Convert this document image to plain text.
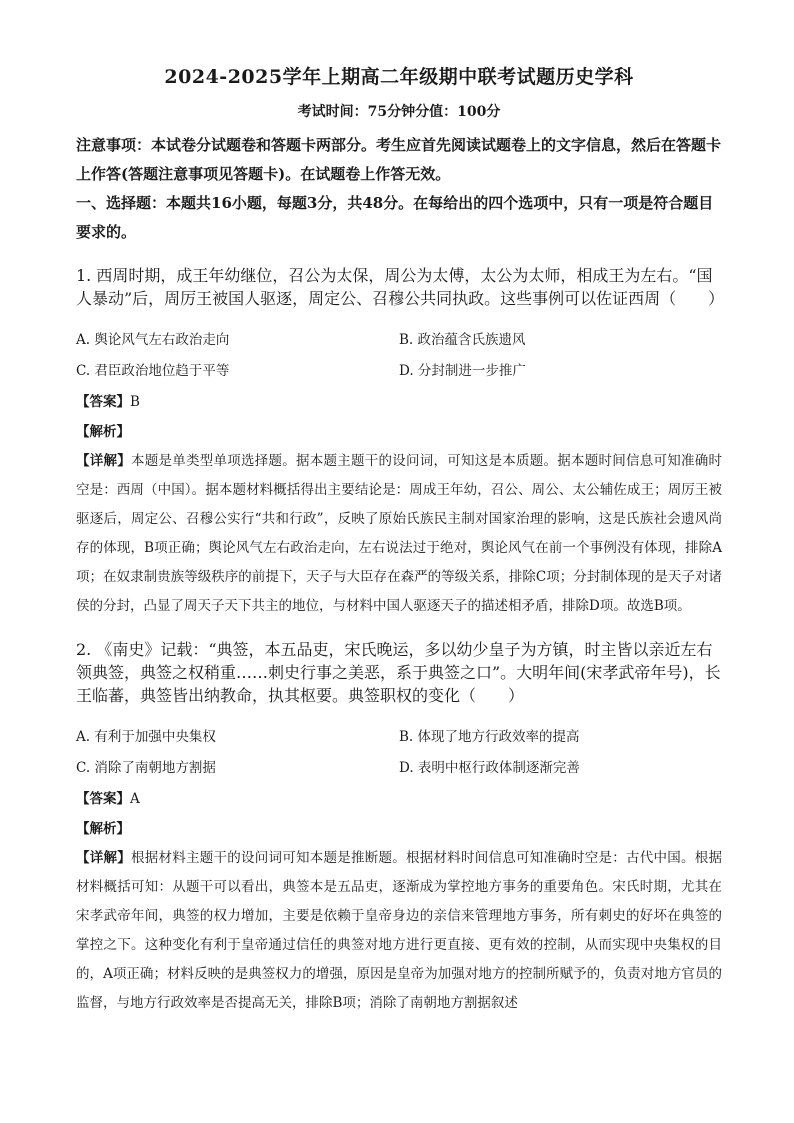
2024-2025学年上期高二年级期中联考试题历史学科
考试时间：75分钟分值：100分

注意事项：本试卷分试题卷和答题卡两部分。考生应首先阅读试题卷上的文字信息，然后在答题卡上作答(答题注意事项见答题卡)。在试题卷上作答无效。

一、选择题：本题共16小题，每题3分，共48分。在每给出的四个选项中，只有一项是符合题目要求的。

1. 西周时期，成王年幼继位，召公为太保，周公为太傅，太公为太师，相成王为左右。“国人暴动”后，周厉王被国人驱逐，周定公、召穆公共同执政。这些事例可以佐证西周（　　）

A. 舆论风气左右政治走向	B. 政治蕴含氏族遗风
C. 君臣政治地位趋于平等	D. 分封制进一步推广

【答案】B

【解析】

【详解】本题是单类型单项选择题。据本题主题干的设问词，可知这是本质题。据本题时间信息可知准确时空是：西周（中国）。据本题材料概括得出主要结论是：周成王年幼，召公、周公、太公辅佐成王；周厉王被驱逐后，周定公、召穆公实行“共和行政”，反映了原始氏族民主制对国家治理的影响，这是氏族社会遗风尚存的体现，B项正确；舆论风气左右政治走向，左右说法过于绝对，舆论风气在前一个事例没有体现，排除A项；在奴隶制贵族等级秩序的前提下，天子与大臣存在森严的等级关系，排除C项；分封制体现的是天子对诸侯的分封，凸显了周天子天下共主的地位，与材料中国人驱逐天子的描述相矛盾，排除D项。故选B项。

2. 《南史》记载：“典签，本五品吏，宋氏晚运，多以幼少皇子为方镇，时主皆以亲近左右领典签，典签之权稍重……刺史行事之美恶，系于典签之口”。大明年间(宋孝武帝年号)，长王临蕃，典签皆出纳教命，执其枢要。典签职权的变化（　　）

A. 有利于加强中央集权	B. 体现了地方行政效率的提高
C. 消除了南朝地方割据	D. 表明中枢行政体制逐渐完善

【答案】A

【解析】

【详解】根据材料主题干的设问词可知本题是推断题。根据材料时间信息可知准确时空是：古代中国。根据材料概括可知：从题干可以看出，典签本是五品吏，逐渐成为掌控地方事务的重要角色。宋氏时期，尤其在宋孝武帝年间，典签的权力增加，主要是依赖于皇帝身边的亲信来管理地方事务，所有刺史的好坏在典签的掌控之下。这种变化有利于皇帝通过信任的典签对地方进行更直接、更有效的控制，从而实现中央集权的目的，A项正确；材料反映的是典签权力的增强，原因是皇帝为加强对地方的控制所赋予的，负责对地方官员的监督，与地方行政效率是否提高无关，排除B项；消除了南朝地方割据叙述
